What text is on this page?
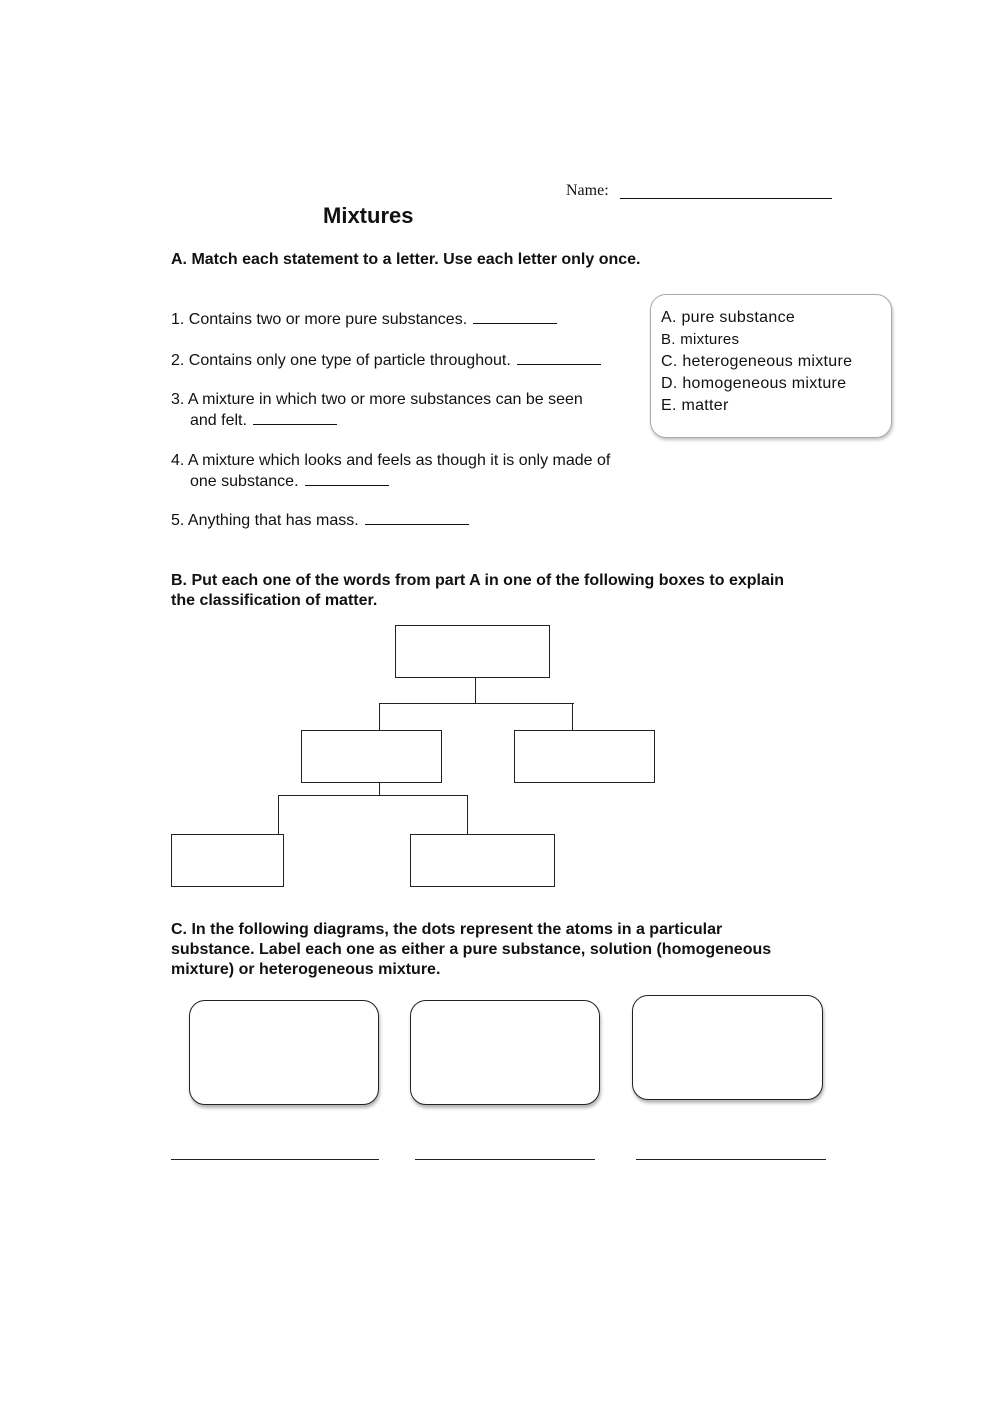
Name:
Mixtures
A. Match each statement to a letter. Use each letter only once.
1. Contains two or more pure substances.
2. Contains only one type of particle throughout.
3. A mixture in which two or more substances can be seen
and felt.
4. A mixture which looks and feels as though it is only made of
one substance.
5. Anything that has mass.
A. pure substance
B. mixtures
C. heterogeneous mixture
D. homogeneous mixture
E. matter
B. Put each one of the words from part A in one of the following boxes to explain
the classification of matter.
C. In the following diagrams, the dots represent the atoms in a particular
substance. Label each one as either a pure substance, solution (homogeneous
mixture) or heterogeneous mixture.
